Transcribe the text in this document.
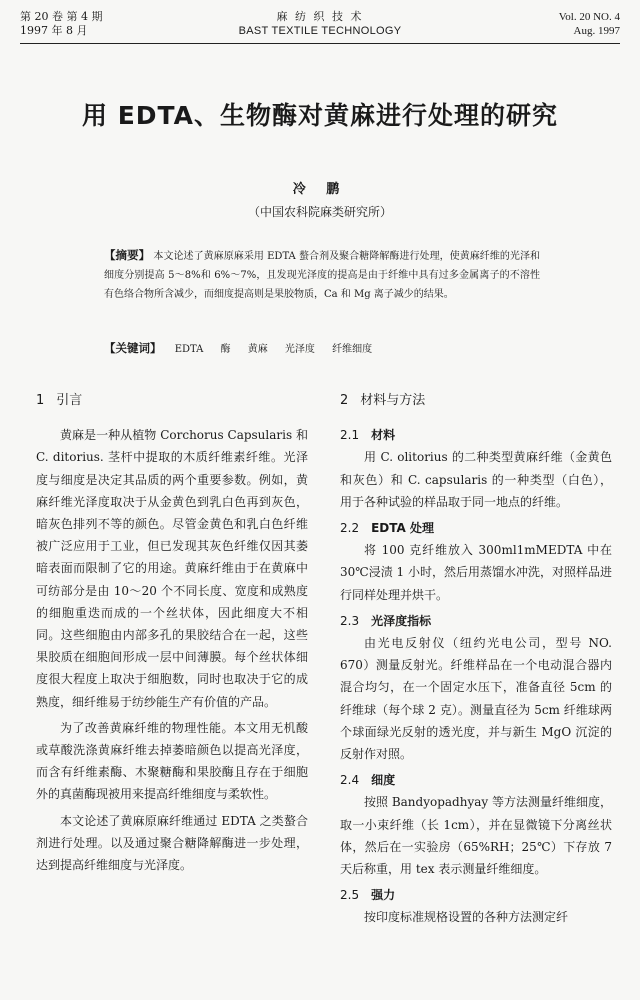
第 20 卷 第 4 期
1997 年 8 月
麻 纺 织 技 术
BAST TEXTILE TECHNOLOGY
Vol. 20 NO. 4
Aug. 1997
用 EDTA、生物酶对黄麻进行处理的研究
冷 鹏
（中国农科院麻类研究所）
【摘要】 本文论述了黄麻原麻采用 EDTA 螯合剂及聚合糖降解酶进行处理，使黄麻纤维的光泽和细度分别提高 5～8%和 6%～7%，且发现光泽度的提高是由于纤维中具有过多金属离子的不溶性有色络合物所含减少，而细度提高则是果胶物质，Ca 和 Mg 离子减少的结果。
【关键词】 EDTA 酶 黄麻 光泽度 纤维细度
1 引言

黄麻是一种从植物 Corchorus Capsularis 和 C. ditorius. 茎杆中提取的木质纤维素纤维。光泽度与细度是决定其品质的两个重要参数。例如，黄麻纤维光泽度取决于从金黄色到乳白色再到灰色，暗灰色排列不等的颜色。尽管金黄色和乳白色纤维被广泛应用于工业，但已发现其灰色纤维仅因其萎暗表面而限制了它的用途。黄麻纤维由于在黄麻中可纺部分是由 10～20 个不同长度、宽度和成熟度的细胞重迭而成的一个丝状体，因此细度大不相同。这些细胞由内部多孔的果胶结合在一起，这些果胶质在细胞间形成一层中间薄膜。每个丝状体细度很大程度上取决于细胞数，同时也取决于它的成熟度，细纤维易于纺纱能生产有价值的产品。

为了改善黄麻纤维的物理性能。本文用无机酸或草酸洗涤黄麻纤维去掉萎暗颜色以提高光泽度，而含有纤维素酶、木聚糖酶和果胶酶且存在于细胞外的真菌酶现被用来提高纤维细度与柔软性。

本文论述了黄麻原麻纤维通过 EDTA 之类螯合剂进行处理。以及通过聚合糖降解酶进一步处理，达到提高纤维细度与光泽度。

2 材料与方法
2.1 材料

用 C. olitorius 的二种类型黄麻纤维（金黄色和灰色）和 C. capsularis 的一种类型（白色），用于各种试验的样品取于同一地点的纤维。

2.2 EDTA 处理

将 100 克纤维放入 300ml1mMEDTA 中在 30℃浸渍 1 小时，然后用蒸馏水冲洗，对照样品进行同样处理并烘干。

2.3 光泽度指标

由光电反射仪（纽约光电公司，型号 NO. 670）测量反射光。纤维样品在一个电动混合器内混合均匀，在一个固定水压下，准备直径 5cm 的纤维球（每个球 2 克）。测量直径为 5cm 纤维球两个球面绿光反射的透光度，并与新生 MgO 沉淀的反射作对照。

2.4 细度

按照 Bandyopadhyay 等方法测量纤维细度，取一小束纤维（长 1cm），并在显微镜下分离丝状体，然后在一实验房（65%RH；25℃）下存放 7 天后称重，用 tex 表示测量纤维细度。

2.5 强力

按印度标准规格设置的各种方法测定纤
